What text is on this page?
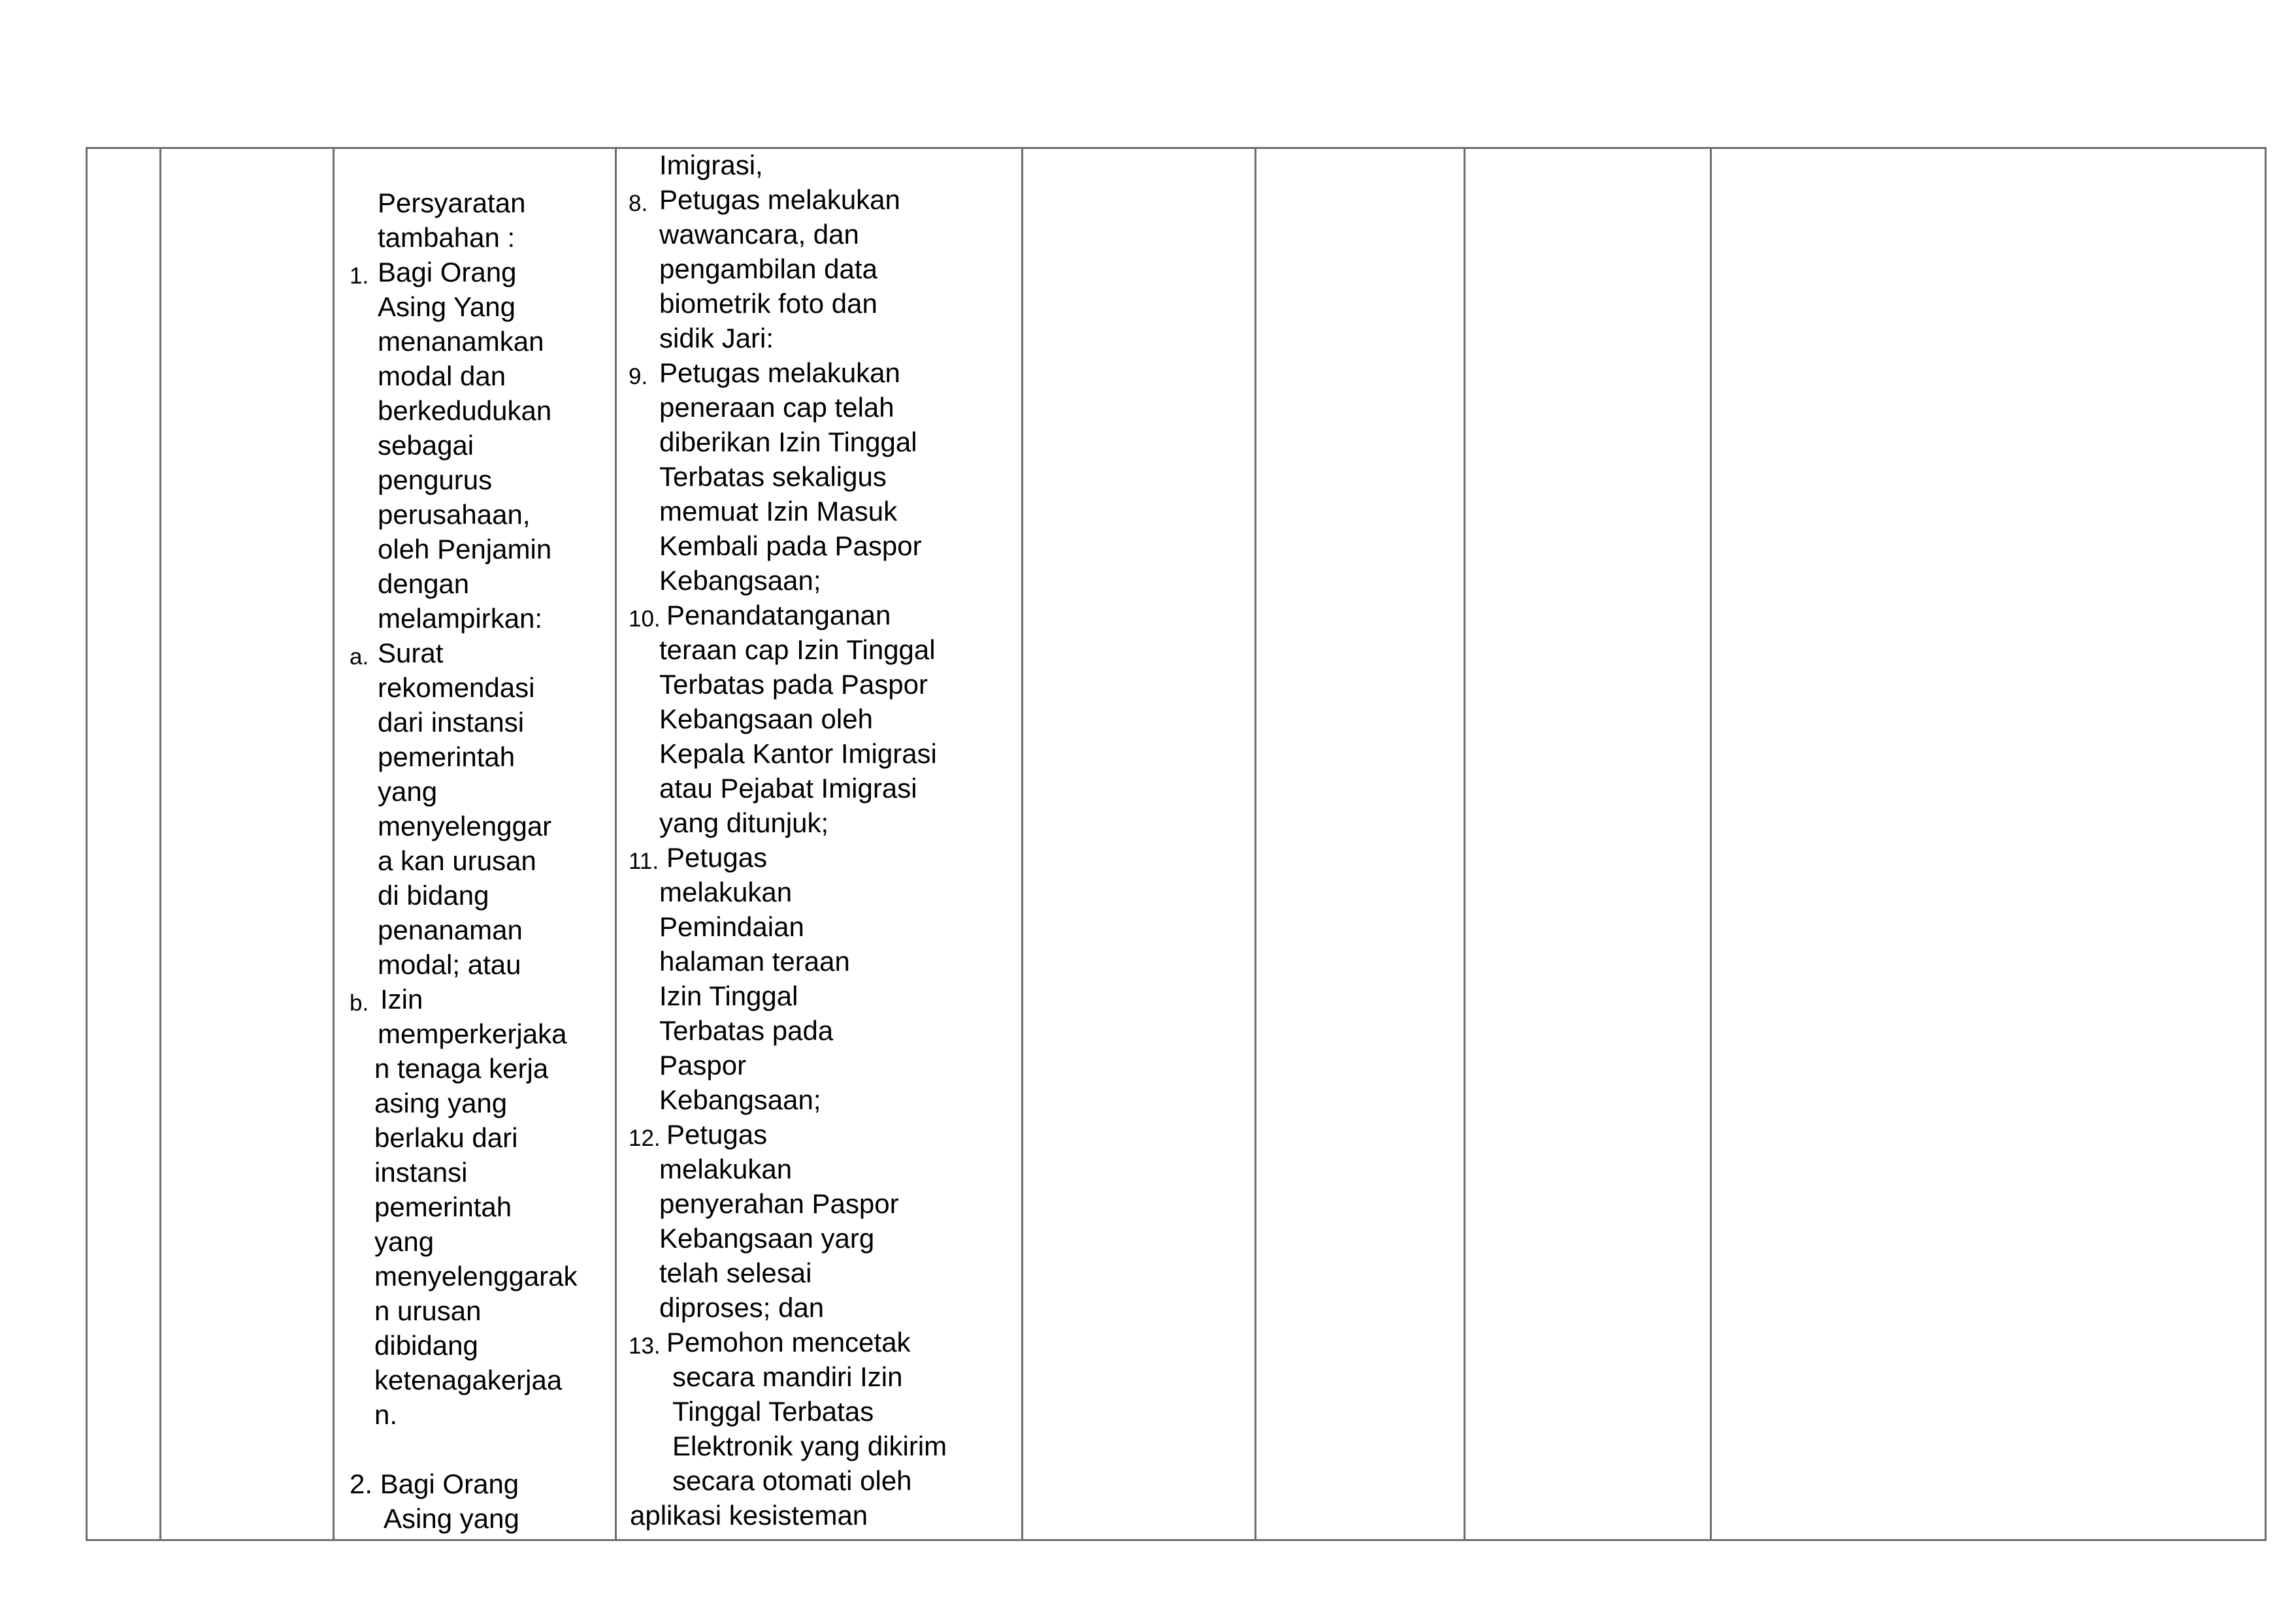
Persyaratan
tambahan :
1. Bagi Orang
Asing Yang
menanamkan
modal dan
berkedudukan
sebagai
pengurus
perusahaan,
oleh Penjamin
dengan
melampirkan:
a. Surat
rekomendasi
dari instansi
pemerintah
yang
menyelenggar
a kan urusan
di bidang
penanaman
modal; atau
b. Izin
memperkerjaka
n tenaga kerja
asing yang
berlaku dari
instansi
pemerintah
yang
menyelenggarak
n urusan
dibidang
ketenagakerjaa
n.
2. Bagi Orang
Asing yang
Imigrasi,
8. Petugas melakukan
wawancara, dan
pengambilan data
biometrik foto dan
sidik Jari:
9. Petugas melakukan
peneraan cap telah
diberikan Izin Tinggal
Terbatas sekaligus
memuat Izin Masuk
Kembali pada Paspor
Kebangsaan;
10. Penandatanganan
teraan cap Izin Tinggal
Terbatas pada Paspor
Kebangsaan oleh
Kepala Kantor Imigrasi
atau Pejabat Imigrasi
yang ditunjuk;
11. Petugas
melakukan
Pemindaian
halaman teraan
Izin Tinggal
Terbatas pada
Paspor
Kebangsaan;
12. Petugas
melakukan
penyerahan Paspor
Kebangsaan yarg
telah selesai
diproses; dan
13. Pemohon mencetak
secara mandiri Izin
Tinggal Terbatas
Elektronik yang dikirim
secara otomati oleh
aplikasi kesisteman
